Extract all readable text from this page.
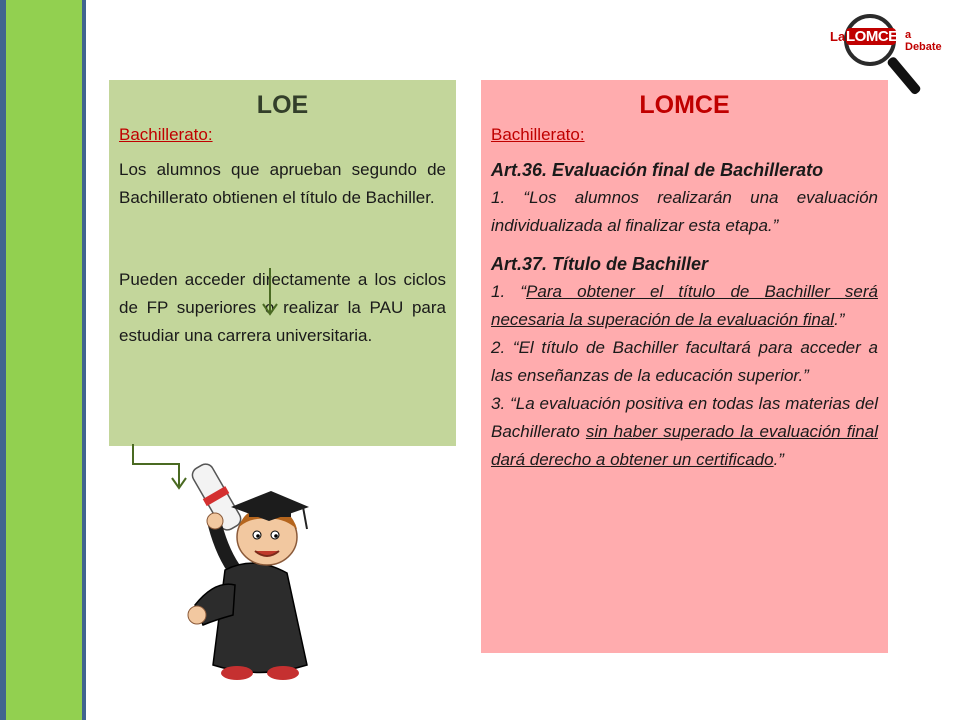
La LOMCE a Debate
LOE
Bachillerato:

Los alumnos que aprueban segundo de Bachillerato obtienen el título de Bachiller.

Pueden acceder directamente a los ciclos de FP superiores o realizar la PAU para estudiar una carrera universitaria.

LOMCE
Bachillerato:

Art.36. Evaluación final de Bachillerato

1. “Los alumnos realizarán una evaluación individualizada al finalizar esta etapa.”

Art.37. Título de Bachiller

1. “Para obtener el título de Bachiller será necesaria la superación de la evaluación final.”

2. “El título de Bachiller facultará para acceder a las enseñanzas de la educación superior.”

3. “La evaluación positiva en todas las materias del Bachillerato sin haber superado la evaluación final dará derecho a obtener un certificado.”
